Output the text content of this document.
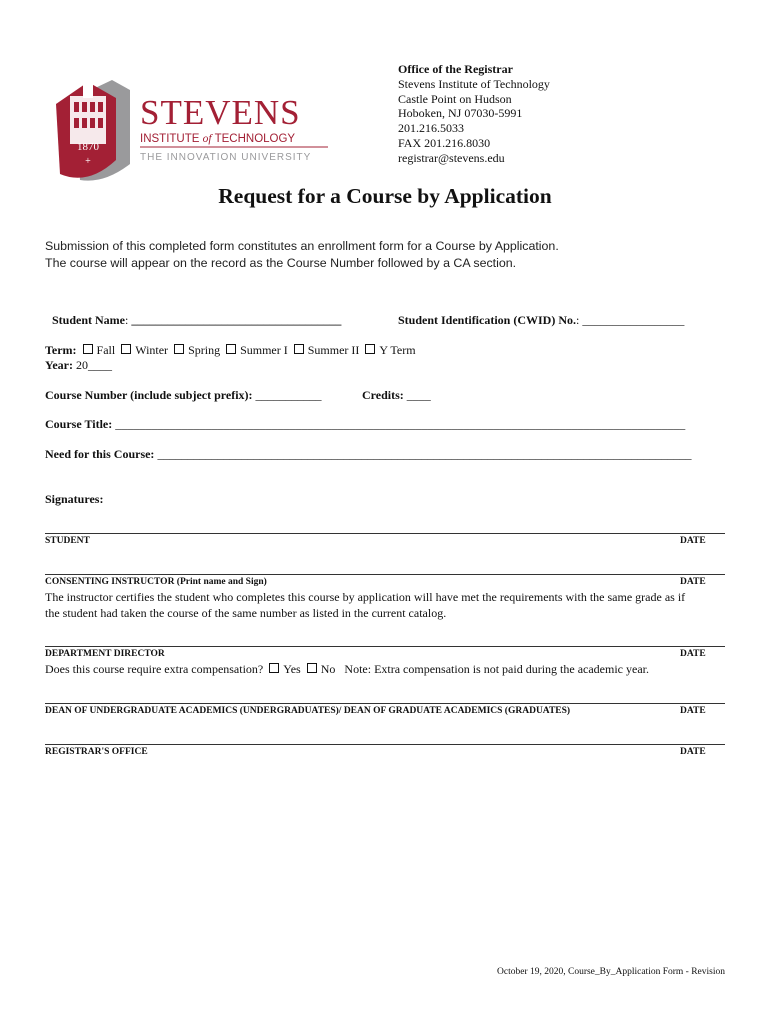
1870
+
STEVENS
INSTITUTE of TECHNOLOGY
THE INNOVATION UNIVERSITY
Office of the Registrar
Stevens Institute of Technology
Castle Point on Hudson
Hoboken, NJ 07030-5991
201.216.5033
FAX 201.216.8030
registrar@stevens.edu
Request for a Course by Application
Submission of this completed form constitutes an enrollment form for a Course by Application.
The course will appear on the record as the Course Number followed by a CA section.
Student Name: ___________________________________	Student Identification (CWID) No.: _________________
Term: Fall Winter Spring Summer I Summer II Y Term
Year: 20____
Course Number (include subject prefix): ___________	Credits: ____
Course Title: _______________________________________________________________________________________________
Need for this Course: _________________________________________________________________________________________
Signatures:
STUDENT	DATE
CONSENTING INSTRUCTOR (Print name and Sign)	DATE
The instructor certifies the student who completes this course by application will have met the requirements with the same grade as if
the student had taken the course of the same number as listed in the current catalog.
DEPARTMENT DIRECTOR	DATE
Does this course require extra compensation? Yes No Note: Extra compensation is not paid during the academic year.
DEAN OF UNDERGRADUATE ACADEMICS (UNDERGRADUATES)/ DEAN OF GRADUATE ACADEMICS (GRADUATES)	DATE
REGISTRAR'S OFFICE	DATE
October 19, 2020, Course_By_Application Form - Revision
